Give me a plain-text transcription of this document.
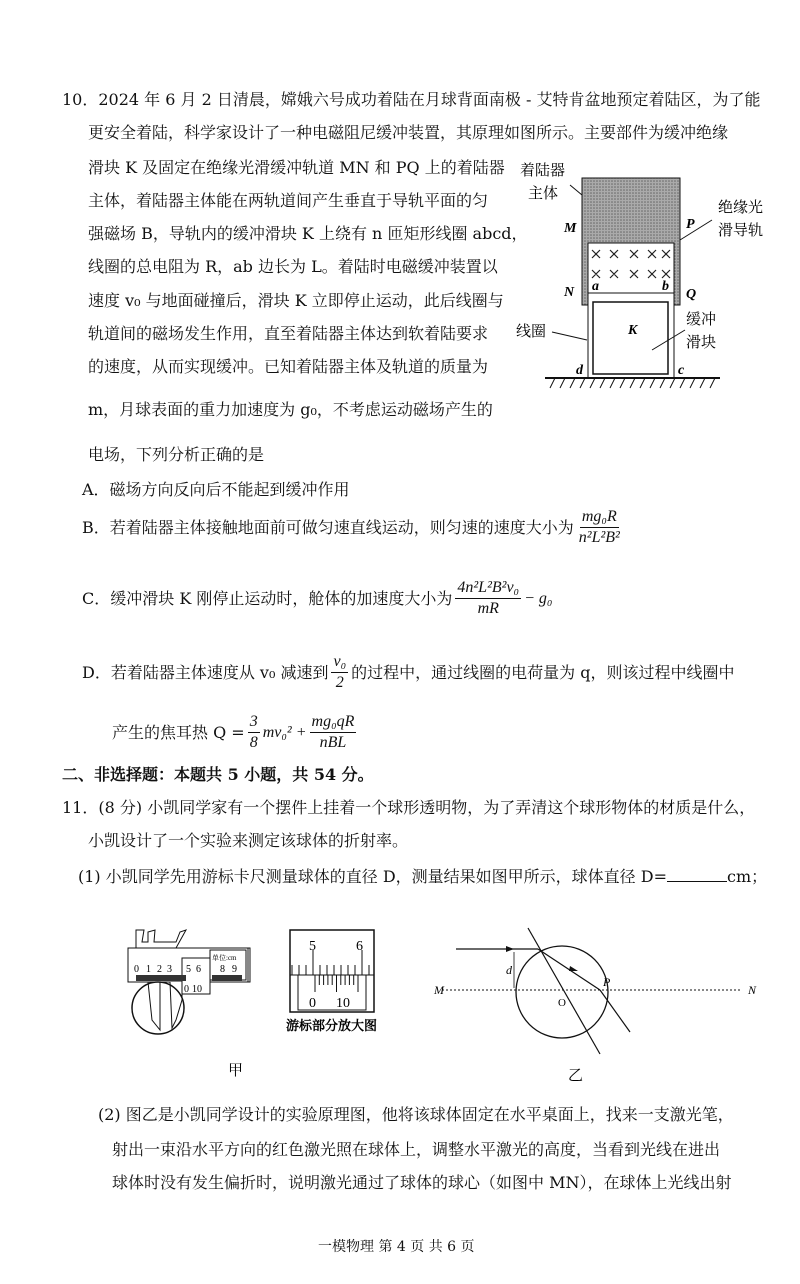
10．2024 年 6 月 2 日清晨，嫦娥六号成功着陆在月球背面南极 - 艾特肯盆地预定着陆区，为了能
更安全着陆，科学家设计了一种电磁阻尼缓冲装置，其原理如图所示。主要部件为缓冲绝缘
滑块 K 及固定在绝缘光滑缓冲轨道 MN 和 PQ 上的着陆器
主体，着陆器主体能在两轨道间产生垂直于导轨平面的匀
强磁场 B，导轨内的缓冲滑块 K 上绕有 n 匝矩形线圈 abcd，
线圈的总电阻为 R，ab 边长为 L。着陆时电磁缓冲装置以
速度 v₀ 与地面碰撞后，滑块 K 立即停止运动，此后线圈与
轨道间的磁场发生作用，直至着陆器主体达到软着陆要求
的速度，从而实现缓冲。已知着陆器主体及轨道的质量为
m，月球表面的重力加速度为 g₀，不考虑运动磁场产生的
电场，下列分析正确的是
着陆器
主体
绝缘光
滑导轨
线圈
缓冲
滑块
M
N
P
Q
a	b
K
d	c
A．磁场方向反向后不能起到缓冲作用
B．若着陆器主体接触地面前可做匀速直线运动，则匀速的速度大小为 $\frac{\text{mg₀R}}{\text{n²L²B²}}$
C．缓冲滑块 K 刚停止运动时，舱体的加速度大小为 $\frac{\text{4n²L²B²v₀}}{mR} - g_0$
D．若着陆器主体速度从 v₀ 减速到 $\frac{\text{v₀}}{2}$ 的过程中，通过线圈的电荷量为 q，则该过程中线圈中
产生的焦耳热 $Q = \frac{3}{8} mv_0^2 + \frac{\text{mg₀qR}}{\text{nBL}}$
二、非选择题：本题共 5 小题，共 54 分。
11．(8 分) 小凯同学家有一个摆件上挂着一个球形透明物，为了弄清这个球形物体的材质是什么，
小凯设计了一个实验来测定该球体的折射率。
(1) 小凯同学先用游标卡尺测量球体的直径 D，测量结果如图甲所示，球体直径 D=	cm；
0 1 2 3 5 6 8 9
0 10
单位:cm
5	6
0 10
游标部分放大图
甲
M	N
P
d
O
乙
(2) 图乙是小凯同学设计的实验原理图，他将该球体固定在水平桌面上，找来一支激光笔，
射出一束沿水平方向的红色激光照在球体上，调整水平激光的高度，当看到光线在进出
球体时没有发生偏折时，说明激光通过了球体的球心（如图中 MN），在球体上光线出射
一模物理 第 4 页 共 6 页
